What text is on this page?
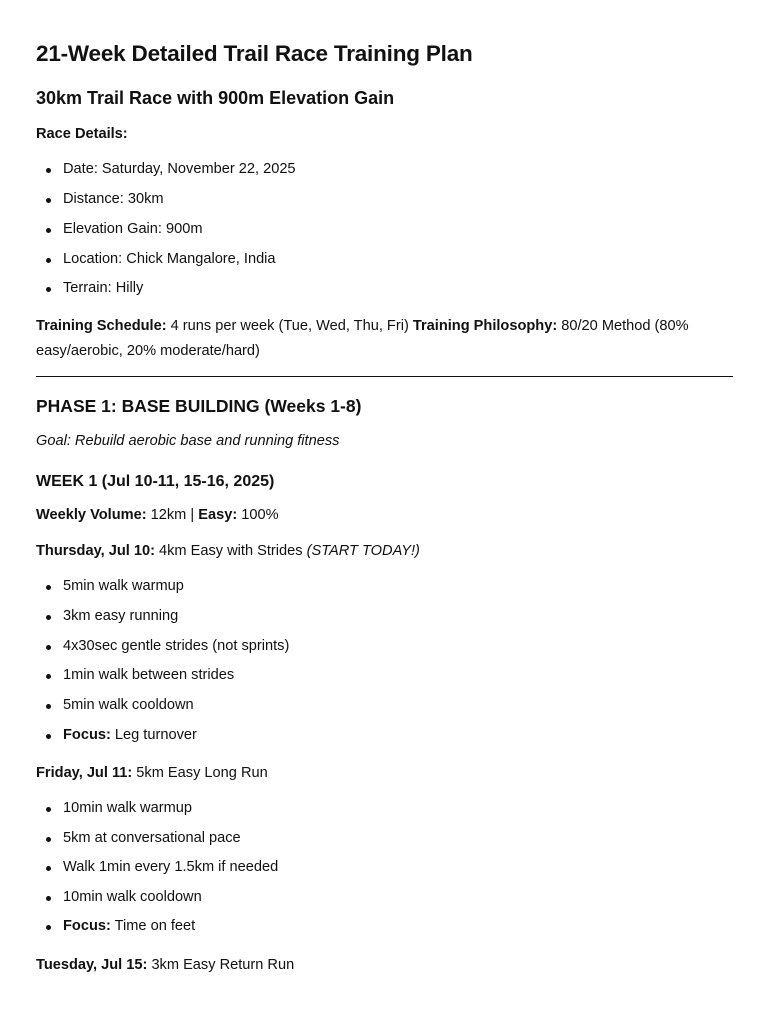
21-Week Detailed Trail Race Training Plan
30km Trail Race with 900m Elevation Gain
Race Details:
Date: Saturday, November 22, 2025
Distance: 30km
Elevation Gain: 900m
Location: Chick Mangalore, India
Terrain: Hilly
Training Schedule: 4 runs per week (Tue, Wed, Thu, Fri) Training Philosophy: 80/20 Method (80% easy/aerobic, 20% moderate/hard)
PHASE 1: BASE BUILDING (Weeks 1-8)
Goal: Rebuild aerobic base and running fitness
WEEK 1 (Jul 10-11, 15-16, 2025)
Weekly Volume: 12km | Easy: 100%
Thursday, Jul 10: 4km Easy with Strides (START TODAY!)
5min walk warmup
3km easy running
4x30sec gentle strides (not sprints)
1min walk between strides
5min walk cooldown
Focus: Leg turnover
Friday, Jul 11: 5km Easy Long Run
10min walk warmup
5km at conversational pace
Walk 1min every 1.5km if needed
10min walk cooldown
Focus: Time on feet
Tuesday, Jul 15: 3km Easy Return Run
